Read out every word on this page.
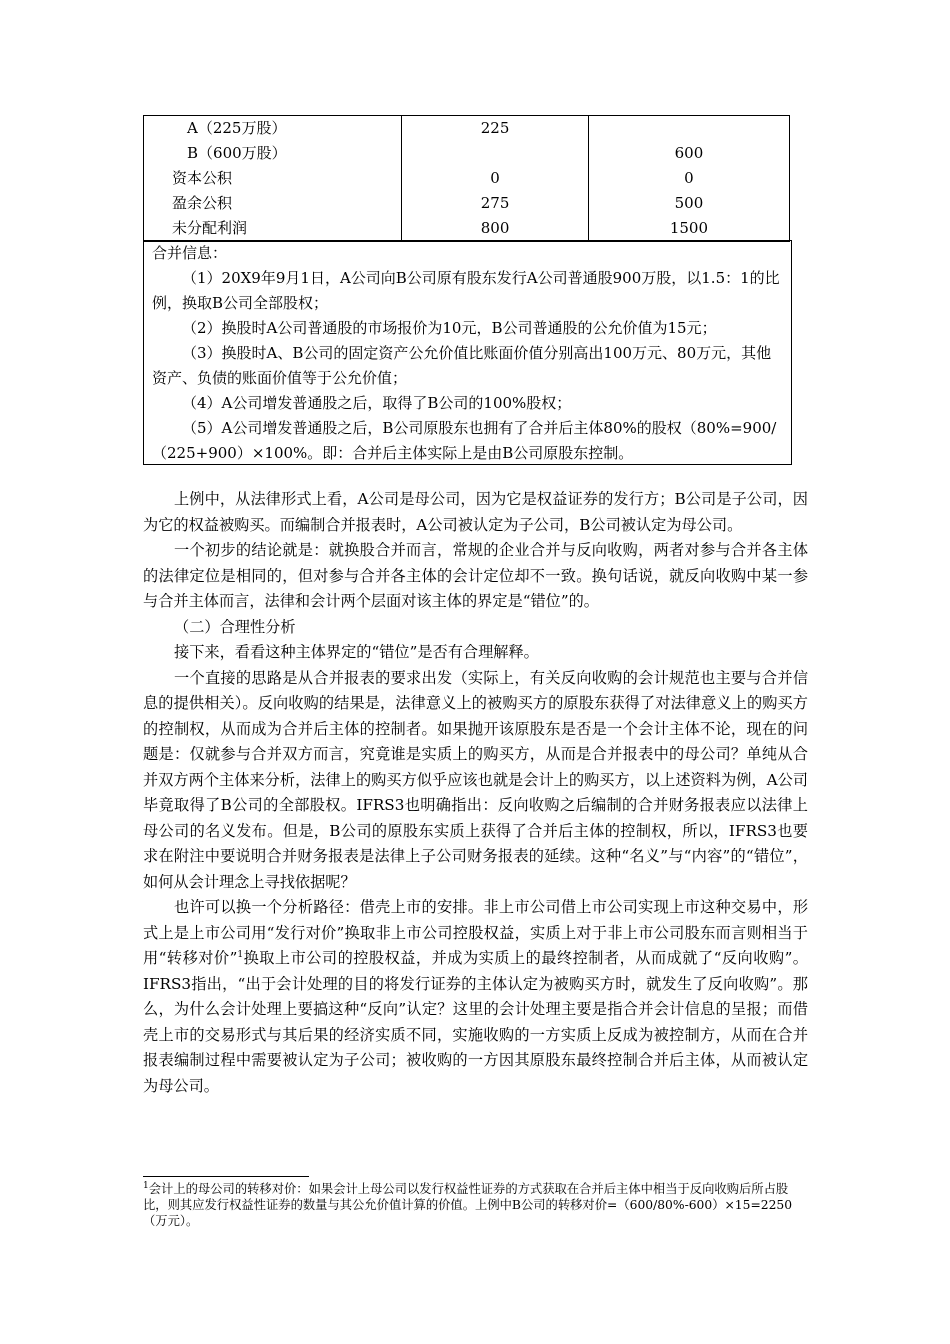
A（225万股）	225	
B（600万股）		600
资本公积	0	0
盈余公积	275	500
未分配利润	800	1500

合并信息：

（1）20X9年9月1日，A公司向B公司原有股东发行A公司普通股900万股，以1.5：1的比例，换取B公司全部股权；

（2）换股时A公司普通股的市场报价为10元，B公司普通股的公允价值为15元；

（3）换股时A、B公司的固定资产公允价值比账面价值分别高出100万元、80万元，其他资产、负债的账面价值等于公允价值；

（4）A公司增发普通股之后，取得了B公司的100%股权；

（5）A公司增发普通股之后，B公司原股东也拥有了合并后主体80%的股权（80%=900/（225+900）×100%。即：合并后主体实际上是由B公司原股东控制。

上例中，从法律形式上看，A公司是母公司，因为它是权益证券的发行方；B公司是子公司，因为它的权益被购买。而编制合并报表时，A公司被认定为子公司，B公司被认定为母公司。

一个初步的结论就是：就换股合并而言，常规的企业合并与反向收购，两者对参与合并各主体的法律定位是相同的，但对参与合并各主体的会计定位却不一致。换句话说，就反向收购中某一参与合并主体而言，法律和会计两个层面对该主体的界定是“错位”的。

（二）合理性分析

接下来，看看这种主体界定的“错位”是否有合理解释。

一个直接的思路是从合并报表的要求出发（实际上，有关反向收购的会计规范也主要与合并信息的提供相关）。反向收购的结果是，法律意义上的被购买方的原股东获得了对法律意义上的购买方的控制权，从而成为合并后主体的控制者。如果抛开该原股东是否是一个会计主体不论，现在的问题是：仅就参与合并双方而言，究竟谁是实质上的购买方，从而是合并报表中的母公司？单纯从合并双方两个主体来分析，法律上的购买方似乎应该也就是会计上的购买方，以上述资料为例，A公司毕竟取得了B公司的全部股权。IFRS3也明确指出：反向收购之后编制的合并财务报表应以法律上母公司的名义发布。但是，B公司的原股东实质上获得了合并后主体的控制权，所以，IFRS3也要求在附注中要说明合并财务报表是法律上子公司财务报表的延续。这种“名义”与“内容”的“错位”，如何从会计理念上寻找依据呢？

也许可以换一个分析路径：借壳上市的安排。非上市公司借上市公司实现上市这种交易中，形式上是上市公司用“发行对价”换取非上市公司控股权益，实质上对于非上市公司股东而言则相当于用“转移对价”$^1$换取上市公司的控股权益，并成为实质上的最终控制者，从而成就了“反向收购”。IFRS3指出，“出于会计处理的目的将发行证券的主体认定为被购买方时，就发生了反向收购”。那么，为什么会计处理上要搞这种“反向”认定？这里的会计处理主要是指合并会计信息的呈报；而借壳上市的交易形式与其后果的经济实质不同，实施收购的一方实质上反成为被控制方，从而在合并报表编制过程中需要被认定为子公司；被收购的一方因其原股东最终控制合并后主体，从而被认定为母公司。

$^1$会计上的母公司的转移对价：如果会计上母公司以发行权益性证券的方式获取在合并后主体中相当于反向收购后所占股比，则其应发行权益性证券的数量与其公允价值计算的价值。上例中B公司的转移对价=（600/80%-600）×15=2250（万元）。
